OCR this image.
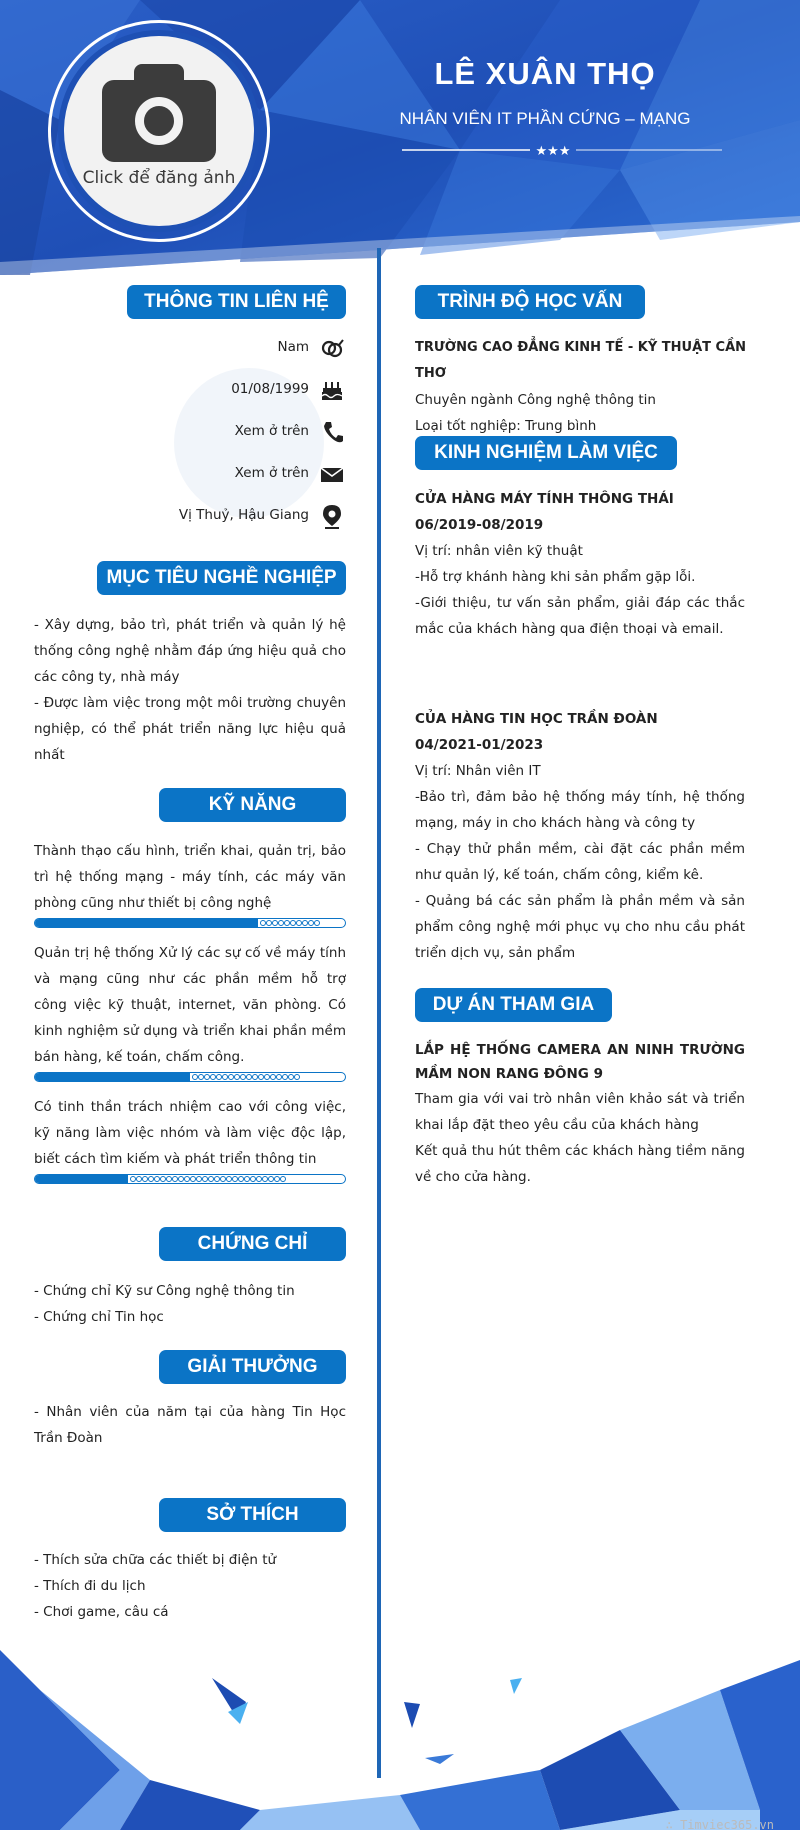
Click để đăng ảnh
LÊ XUÂN THỌ
NHÂN VIÊN IT PHẦN CỨNG – MẠNG
★★★
THÔNG TIN LIÊN HỆ
Nam
01/08/1999
Xem ở trên
Xem ở trên
Vị Thuỷ, Hậu Giang
MỤC TIÊU NGHỀ NGHIỆP
- Xây dựng, bảo trì, phát triển và quản lý hệ thống công nghệ nhằm đáp ứng hiệu quả cho các công ty, nhà máy
- Được làm việc trong một môi trường chuyên nghiệp, có thể phát triển năng lực hiệu quả nhất
KỸ NĂNG
Thành thạo cấu hình, triển khai, quản trị, bảo trì hệ thống mạng - máy tính, các máy văn phòng cũng như thiết bị công nghệ
Quản trị hệ thống Xử lý các sự cố về máy tính và mạng cũng như các phần mềm hỗ trợ công việc kỹ thuật, internet, văn phòng. Có kinh nghiệm sử dụng và triển khai phần mềm bán hàng, kế toán, chấm công.
Có tinh thần trách nhiệm cao với công việc, kỹ năng làm việc nhóm và làm việc độc lập, biết cách tìm kiếm và phát triển thông tin
CHỨNG CHỈ
- Chứng chỉ Kỹ sư Công nghệ thông tin
- Chứng chỉ Tin học
GIẢI THƯỞNG
- Nhân viên của năm tại của hàng Tin Học Trần Đoàn
SỞ THÍCH
- Thích sửa chữa các thiết bị điện tử
- Thích đi du lịch
- Chơi game, câu cá
TRÌNH ĐỘ HỌC VẤN
TRƯỜNG CAO ĐẲNG KINH TẾ - KỸ THUẬT CẦN THƠ
Chuyên ngành Công nghệ thông tin
Loại tốt nghiệp: Trung bình
KINH NGHIỆM LÀM VIỆC
CỬA HÀNG MÁY TÍNH THÔNG THÁI
06/2019-08/2019
Vị trí: nhân viên kỹ thuật
-Hỗ trợ khánh hàng khi sản phẩm gặp lỗi.
-Giới thiệu, tư vấn sản phẩm, giải đáp các thắc mắc của khách hàng qua điện thoại và email.
CỦA HÀNG TIN HỌC TRẦN ĐOÀN
04/2021-01/2023
Vị trí: Nhân viên IT
-Bảo trì, đảm bảo hệ thống máy tính, hệ thống mạng, máy in cho khách hàng và công ty
- Chạy thử phần mềm, cài đặt các phần mềm như quản lý, kế toán, chấm công, kiểm kê.
- Quảng bá các sản phẩm là phần mềm và sản phẩm công nghệ mới phục vụ cho nhu cầu phát triển dịch vụ, sản phẩm
DỰ ÁN THAM GIA
LẮP HỆ THỐNG CAMERA AN NINH TRƯỜNG MẦM NON RANG ĐÔNG 9
Tham gia với vai trò nhân viên khảo sát và triển khai lắp đặt theo yêu cầu của khách hàng
Kết quả thu hút thêm các khách hàng tiềm năng về cho cửa hàng.
∴ Timviec365.vn
